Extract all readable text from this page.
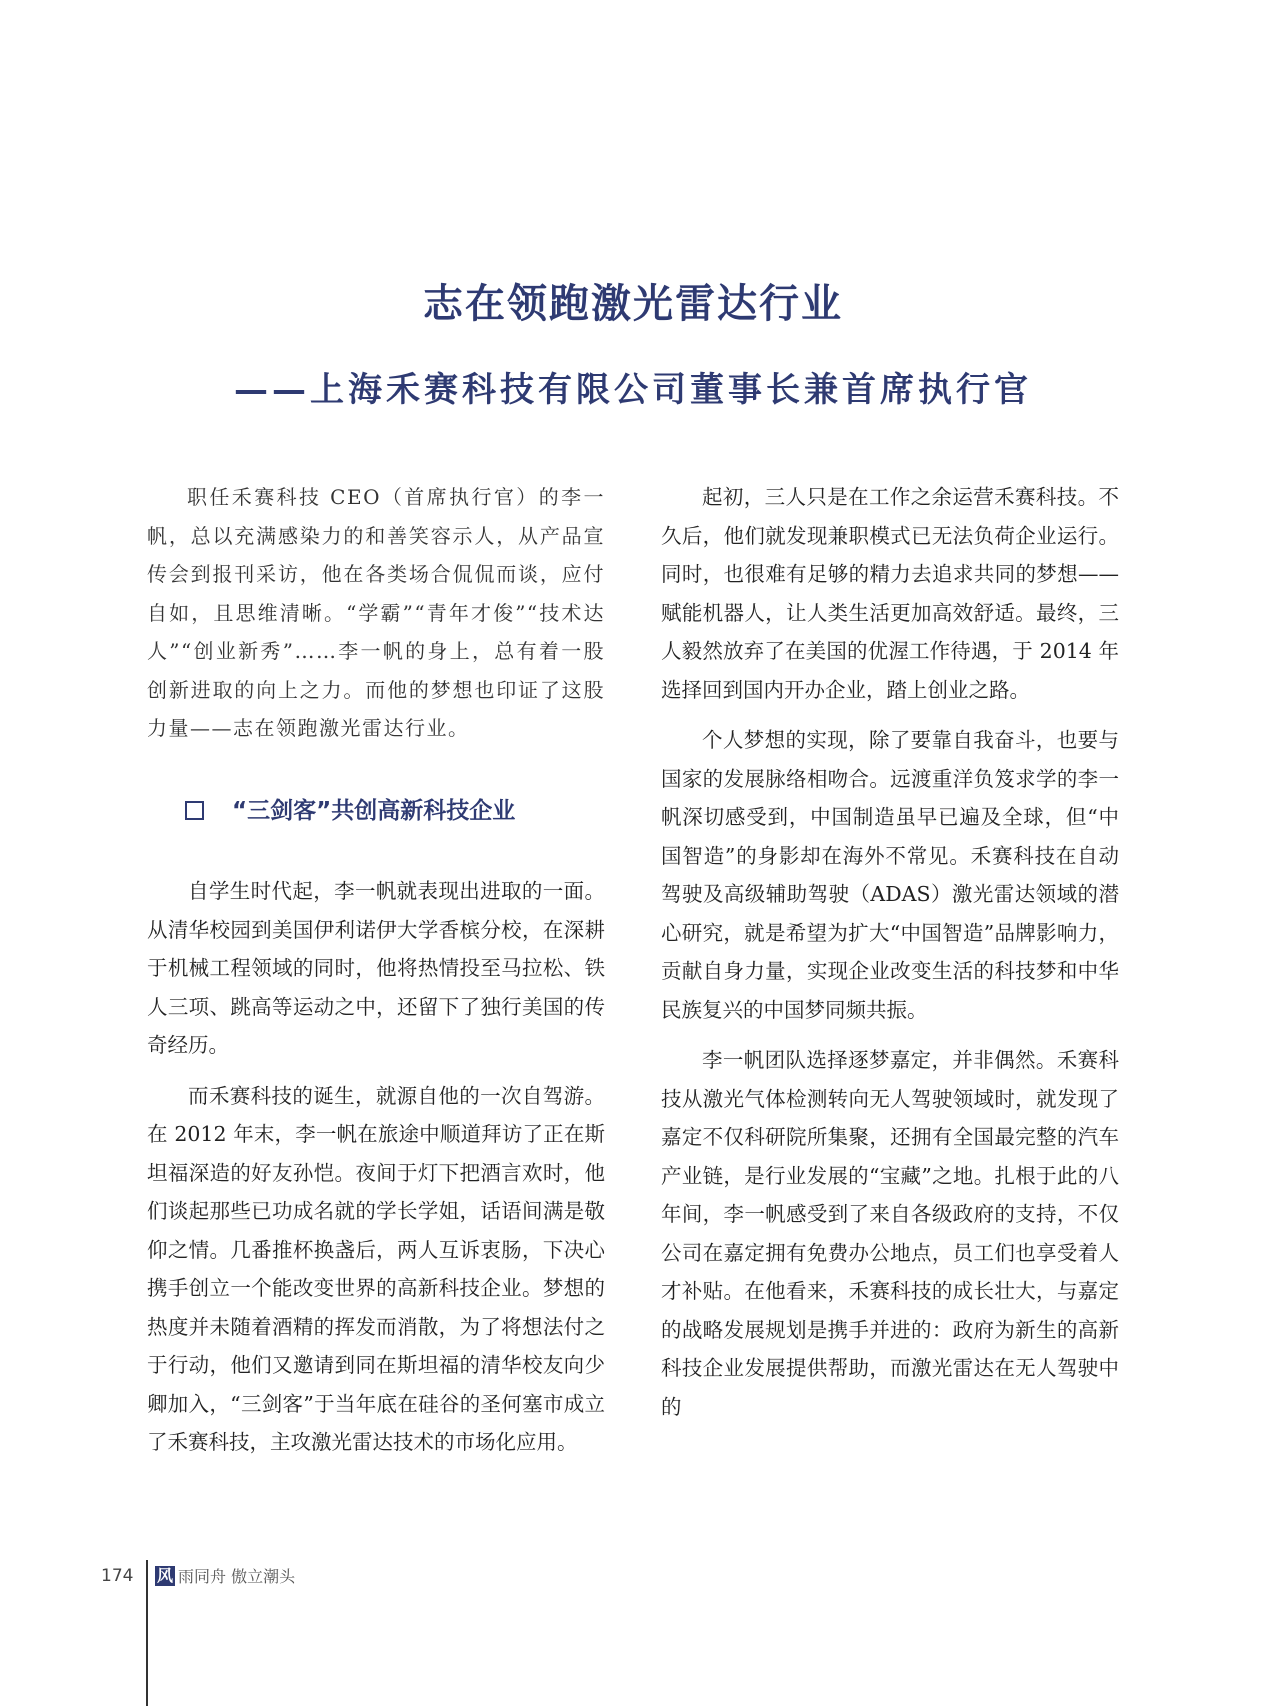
志在领跑激光雷达行业
——上海禾赛科技有限公司董事长兼首席执行官

职任禾赛科技 CEO（首席执行官）的李一帆，总以充满感染力的和善笑容示人，从产品宣传会到报刊采访，他在各类场合侃侃而谈，应付自如，且思维清晰。“学霸”“青年才俊”“技术达人”“创业新秀”……李一帆的身上，总有着一股创新进取的向上之力。而他的梦想也印证了这股力量——志在领跑激光雷达行业。

“三剑客”共创高新科技企业

自学生时代起，李一帆就表现出进取的一面。从清华校园到美国伊利诺伊大学香槟分校，在深耕于机械工程领域的同时，他将热情投至马拉松、铁人三项、跳高等运动之中，还留下了独行美国的传奇经历。

而禾赛科技的诞生，就源自他的一次自驾游。在 2012 年末，李一帆在旅途中顺道拜访了正在斯坦福深造的好友孙恺。夜间于灯下把酒言欢时，他们谈起那些已功成名就的学长学姐，话语间满是敬仰之情。几番推杯换盏后，两人互诉衷肠，下决心携手创立一个能改变世界的高新科技企业。梦想的热度并未随着酒精的挥发而消散，为了将想法付之于行动，他们又邀请到同在斯坦福的清华校友向少卿加入，“三剑客”于当年底在硅谷的圣何塞市成立了禾赛科技，主攻激光雷达技术的市场化应用。

起初，三人只是在工作之余运营禾赛科技。不久后，他们就发现兼职模式已无法负荷企业运行。同时，也很难有足够的精力去追求共同的梦想——赋能机器人，让人类生活更加高效舒适。最终，三人毅然放弃了在美国的优渥工作待遇，于 2014 年选择回到国内开办企业，踏上创业之路。

个人梦想的实现，除了要靠自我奋斗，也要与国家的发展脉络相吻合。远渡重洋负笈求学的李一帆深切感受到，中国制造虽早已遍及全球，但“中国智造”的身影却在海外不常见。禾赛科技在自动驾驶及高级辅助驾驶（ADAS）激光雷达领域的潜心研究，就是希望为扩大“中国智造”品牌影响力，贡献自身力量，实现企业改变生活的科技梦和中华民族复兴的中国梦同频共振。

李一帆团队选择逐梦嘉定，并非偶然。禾赛科技从激光气体检测转向无人驾驶领域时，就发现了嘉定不仅科研院所集聚，还拥有全国最完整的汽车产业链，是行业发展的“宝藏”之地。扎根于此的八年间，李一帆感受到了来自各级政府的支持，不仅公司在嘉定拥有免费办公地点，员工们也享受着人才补贴。在他看来，禾赛科技的成长壮大，与嘉定的战略发展规划是携手并进的：政府为新生的高新科技企业发展提供帮助，而激光雷达在无人驾驶中的

174 风 雨同舟 傲立潮头
